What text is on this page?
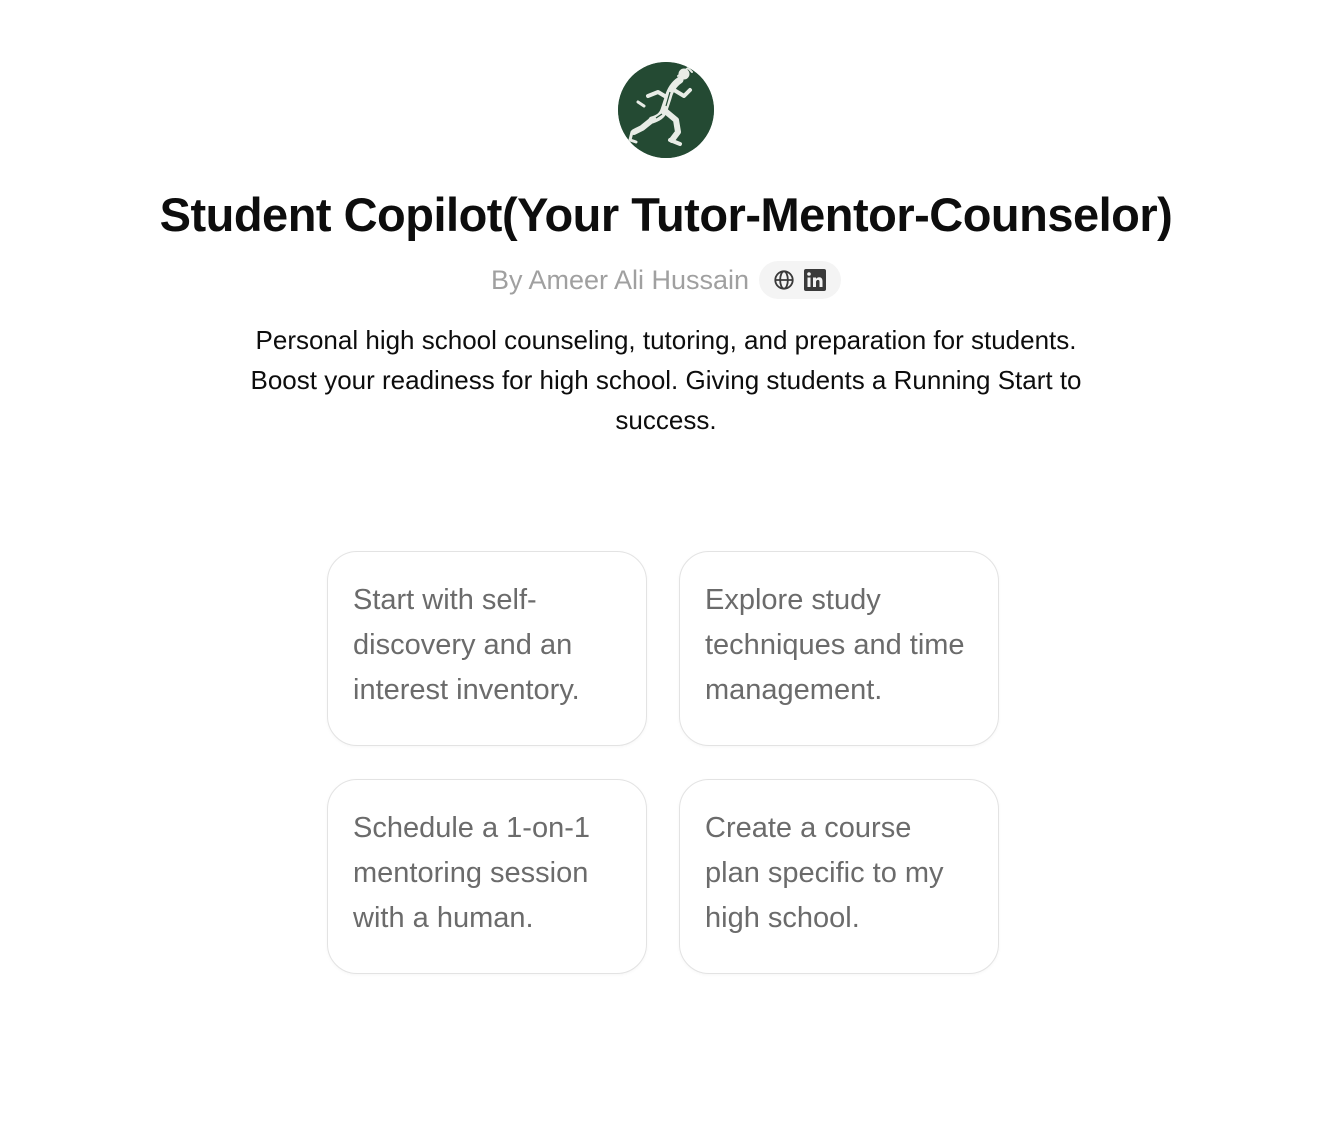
Student Copilot(Your Tutor-Mentor-Counselor)
By Ameer Ali Hussain

Personal high school counseling, tutoring, and preparation for students. Boost your readiness for high school. Giving students a Running Start to success.

Start with self-discovery and an interest inventory.
Explore study techniques and time management.
Schedule a 1-on-1 mentoring session with a human.
Create a course plan specific to my high school.
